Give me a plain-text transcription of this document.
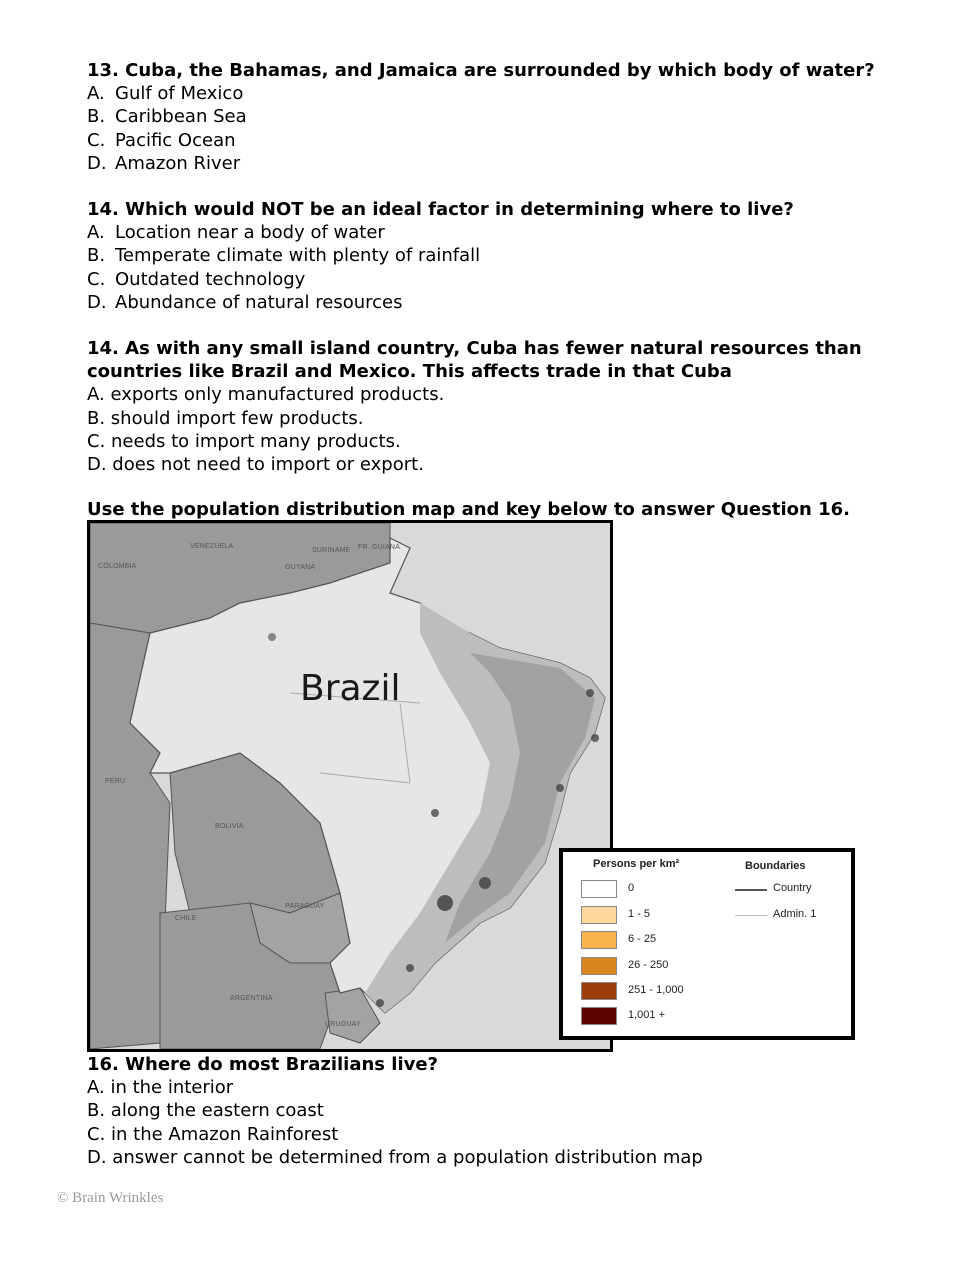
13. Cuba, the Bahamas, and Jamaica are surrounded by which body of water?
A. Gulf of Mexico
B. Caribbean Sea
C. Pacific Ocean
D. Amazon River
14. Which would NOT be an ideal factor in determining where to live?
A. Location near a body of water
B. Temperate climate with plenty of rainfall
C. Outdated technology
D. Abundance of natural resources
14. As with any small island country, Cuba has fewer natural resources than countries like Brazil and Mexico. This affects trade in that Cuba
A. exports only manufactured products.
B. should import few products.
C. needs to import many products.
D. does not need to import or export.
Use the population distribution map and key below to answer Question 16.
VENEZUELA
COLOMBIA
SURINAME FR. GUIANA
GUYANA
PERU
BOLIVIA
PARAGUAY
CHILE
ARGENTINA
URUGUAY
Brazil
Persons per km²	Boundaries
0
1 - 5
6 - 25
26 - 250
251 - 1,000
1,001 +
Country
Admin. 1
16. Where do most Brazilians live?
A. in the interior
B. along the eastern coast
C. in the Amazon Rainforest
D. answer cannot be determined from a population distribution map
© Brain Wrinkles
